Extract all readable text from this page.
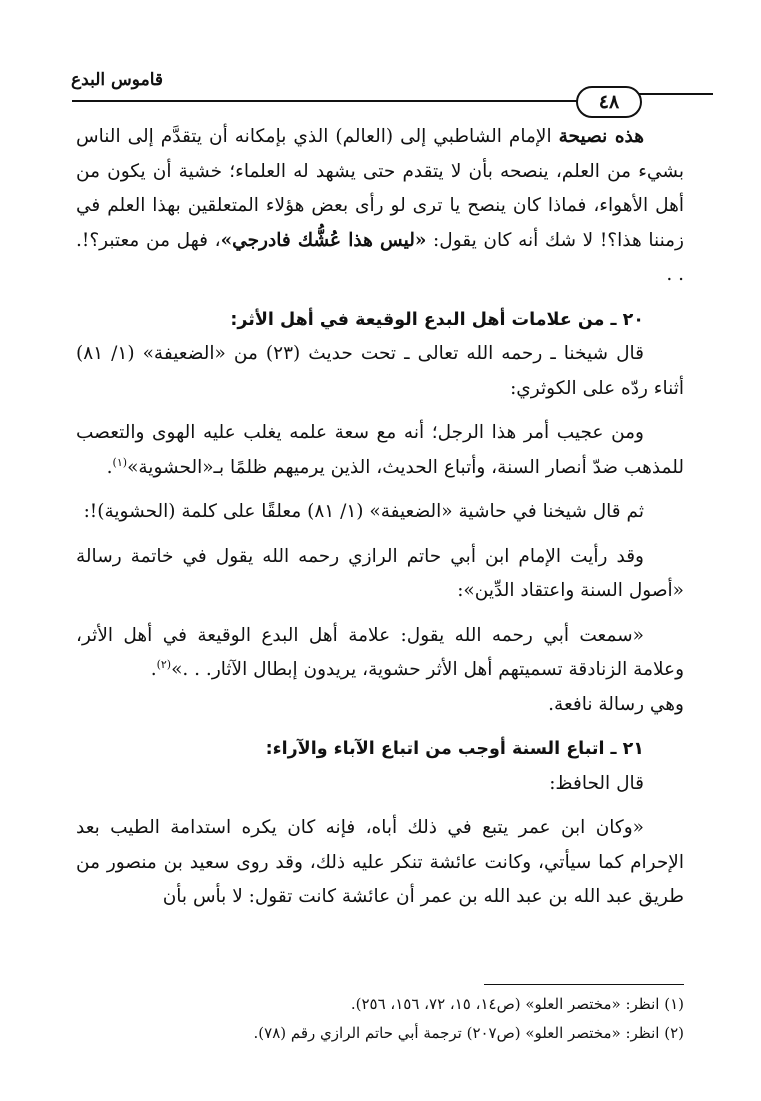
قاموس البدع
٤٨

هذه نصيحة الإمام الشاطبي إلى (العالم) الذي بإمكانه أن يتقدَّم إلى الناس بشيء من العلم، ينصحه بأن لا يتقدم حتى يشهد له العلماء؛ خشية أن يكون من أهل الأهواء، فماذا كان ينصح يا ترى لو رأى بعض هؤلاء المتعلقين بهذا العلم في زمننا هذا؟! لا شك أنه كان يقول: «ليس هذا عُشُّك فادرجي»، فهل من معتبر؟!. . .

٢٠ ـ من علامات أهل البدع الوقيعة في أهل الأثر:

قال شيخنا ـ رحمه الله تعالى ـ تحت حديث (٢٣) من «الضعيفة» (١/ ٨١) أثناء ردّه على الكوثري:

ومن عجيب أمر هذا الرجل؛ أنه مع سعة علمه يغلب عليه الهوى والتعصب للمذهب ضدّ أنصار السنة، وأتباع الحديث، الذين يرميهم ظلمًا بـ«الحشوية»$^{(١)}$.

ثم قال شيخنا في حاشية «الضعيفة» (١/ ٨١) معلقًا على كلمة (الحشوية)!:

وقد رأيت الإمام ابن أبي حاتم الرازي رحمه الله يقول في خاتمة رسالة «أصول السنة واعتقاد الدِّين»:

«سمعت أبي رحمه الله يقول: علامة أهل البدع الوقيعة في أهل الأثر، وعلامة الزنادقة تسميتهم أهل الأثر حشوية، يريدون إبطال الآثار. . .»$^{(٢)}$.

وهي رسالة نافعة.

٢١ ـ اتباع السنة أوجب من اتباع الآباء والآراء:

قال الحافظ:

«وكان ابن عمر يتبع في ذلك أباه، فإنه كان يكره استدامة الطيب بعد الإحرام كما سيأتي، وكانت عائشة تنكر عليه ذلك، وقد روى سعيد بن منصور من طريق عبد الله بن عبد الله بن عمر أن عائشة كانت تقول: لا بأس بأن

(١) انظر: «مختصر العلو» (ص١٤، ١٥، ٧٢، ١٥٦، ٢٥٦).

(٢) انظر: «مختصر العلو» (ص٢٠٧) ترجمة أبي حاتم الرازي رقم (٧٨).
